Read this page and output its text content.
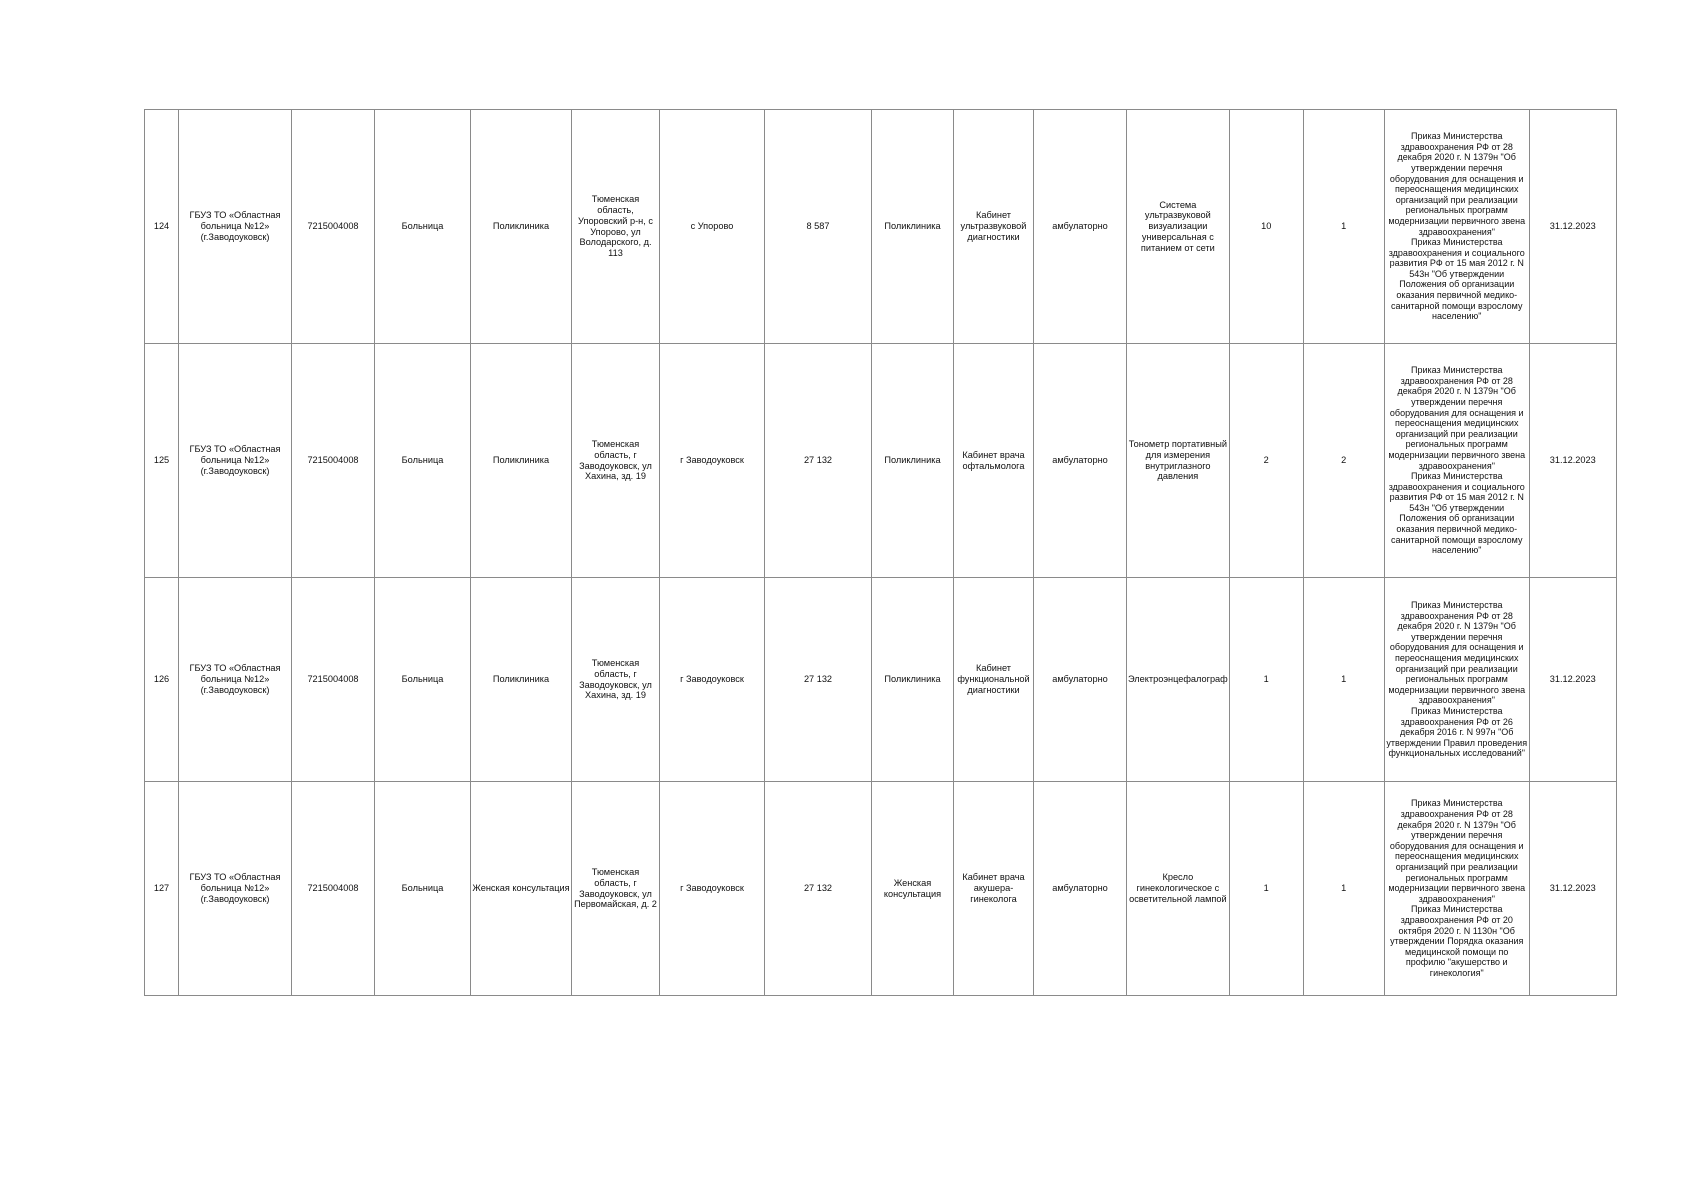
124	ГБУЗ ТО «Областная больница №12» (г.Заводоуковск)	7215004008	Больница	Поликлиника	Тюменская область, Упоровский р-н, с Упорово, ул Володарского, д. 113	с Упорово	8 587	Поликлиника	Кабинет ультразвуковой диагностики	амбулаторно	Система ультразвуковой визуализации универсальная с питанием от сети	10	1	Приказ Министерства здравоохранения РФ от 28 декабря 2020 г. N 1379н "Об утверждении перечня оборудования для оснащения и переоснащения медицинских организаций при реализации региональных программ модернизации первичного звена здравоохранения"
Приказ Министерства здравоохранения и социального развития РФ от 15 мая 2012 г. N 543н "Об утверждении Положения об организации оказания первичной медико-санитарной помощи взрослому населению"	31.12.2023
125	ГБУЗ ТО «Областная больница №12» (г.Заводоуковск)	7215004008	Больница	Поликлиника	Тюменская область, г Заводоуковск, ул Хахина, зд. 19	г Заводоуковск	27 132	Поликлиника	Кабинет врача офтальмолога	амбулаторно	Тонометр портативный для измерения внутриглазного давления	2	2	Приказ Министерства здравоохранения РФ от 28 декабря 2020 г. N 1379н "Об утверждении перечня оборудования для оснащения и переоснащения медицинских организаций при реализации региональных программ модернизации первичного звена здравоохранения"
Приказ Министерства здравоохранения и социального развития РФ от 15 мая 2012 г. N 543н "Об утверждении Положения об организации оказания первичной медико-санитарной помощи взрослому населению"	31.12.2023
126	ГБУЗ ТО «Областная больница №12» (г.Заводоуковск)	7215004008	Больница	Поликлиника	Тюменская область, г Заводоуковск, ул Хахина, зд. 19	г Заводоуковск	27 132	Поликлиника	Кабинет функциональной диагностики	амбулаторно	Электроэнцефалограф	1	1	Приказ Министерства здравоохранения РФ от 28 декабря 2020 г. N 1379н "Об утверждении перечня оборудования для оснащения и переоснащения медицинских организаций при реализации региональных программ модернизации первичного звена здравоохранения"
Приказ Министерства здравоохранения РФ от 26 декабря 2016 г. N 997н "Об утверждении Правил проведения функциональных исследований"	31.12.2023
127	ГБУЗ ТО «Областная больница №12» (г.Заводоуковск)	7215004008	Больница	Женская консультация	Тюменская область, г Заводоуковск, ул Первомайская, д. 2	г Заводоуковск	27 132	Женская консультация	Кабинет врача акушера-гинеколога	амбулаторно	Кресло гинекологическое с осветительной лампой	1	1	Приказ Министерства здравоохранения РФ от 28 декабря 2020 г. N 1379н "Об утверждении перечня оборудования для оснащения и переоснащения медицинских организаций при реализации региональных программ модернизации первичного звена здравоохранения"
Приказ Министерства здравоохранения РФ от 20 октября 2020 г. N 1130н "Об утверждении Порядка оказания медицинской помощи по профилю "акушерство и гинекология"	31.12.2023
